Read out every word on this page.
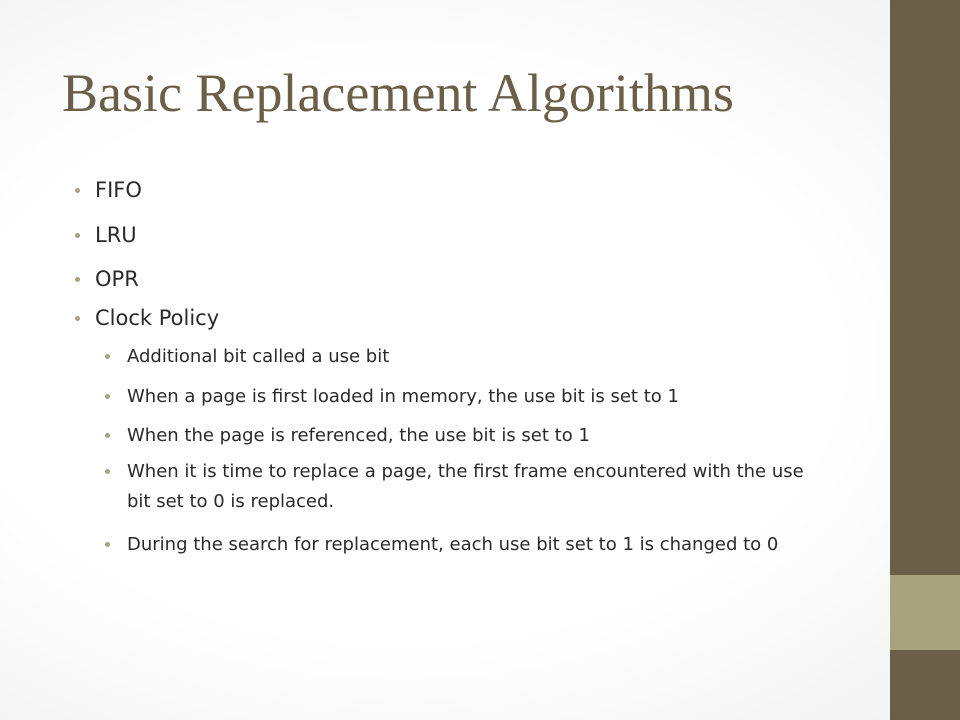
Basic Replacement Algorithms
FIFO
LRU
OPR
Clock Policy
Additional bit called a use bit
When a page is first loaded in memory, the use bit is set to 1
When the page is referenced, the use bit is set to 1
When it is time to replace a page, the first frame encountered with the use bit set to 0 is replaced.
During the search for replacement, each use bit set to 1 is changed to 0
